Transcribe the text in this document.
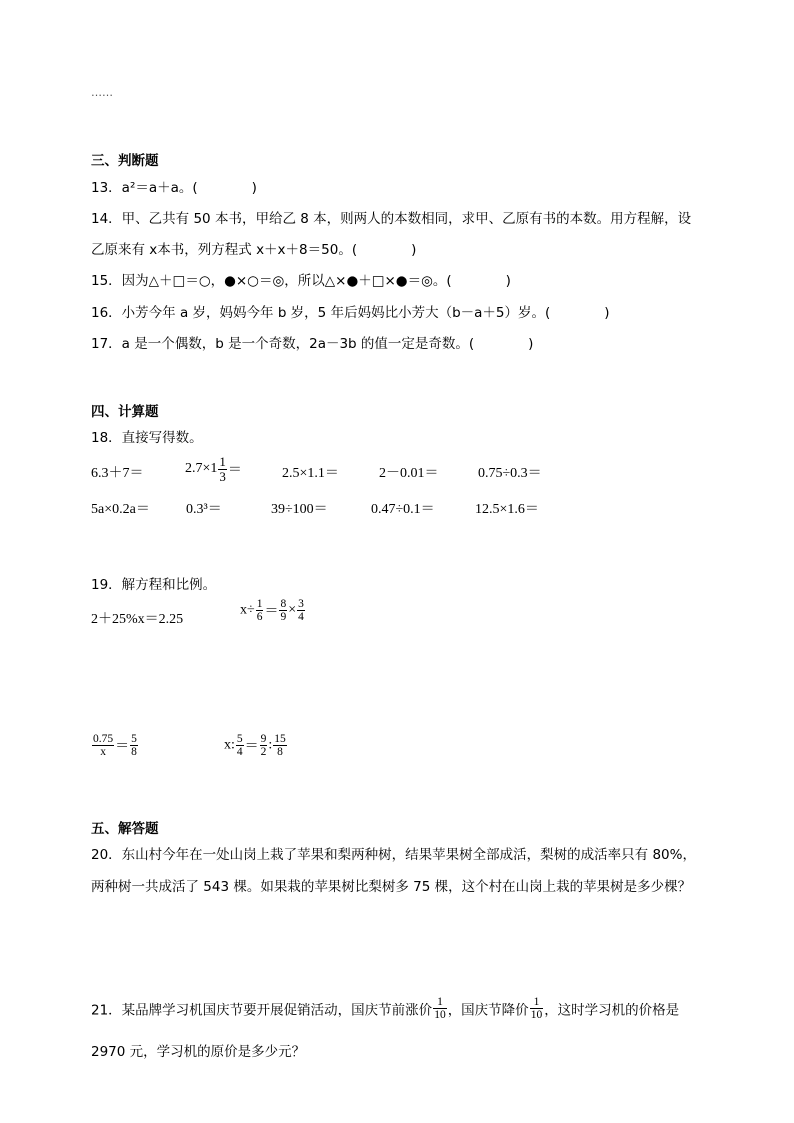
……
三、判断题
13．a²＝a＋a。(　　　　)
14．甲、乙共有 50 本书，甲给乙 8 本，则两人的本数相同，求甲、乙原有书的本数。用方程解，设
乙原来有 x本书，列方程式 x＋x＋8＝50。(　　　　)
15．因为△＋□＝○，●×○＝◎，所以△×●＋□×●＝◎。(　　　　)
16．小芳今年 a 岁，妈妈今年 b 岁，5 年后妈妈比小芳大（b－a＋5）岁。(　　　　)
17．a 是一个偶数，b 是一个奇数，2a－3b 的值一定是奇数。(　　　　)
四、计算题
18．直接写得数。
6.3＋7＝	$2.7\times 1 \frac{1}{3}$ ＝	2.5×1.1＝	2－0.01＝	0.75÷0.3＝
5a×0.2a＝	0.3³＝	39÷100＝	0.47÷0.1＝	12.5×1.6＝
19．解方程和比例。
2＋25%x＝2.25
$x\div \frac{1}{6} = \frac{8}{9} \times \frac{3}{4}$
$\frac{0.75}{x} = \frac{5}{8}$	x: $\frac{5}{4} = \frac{9}{2}$ : $\frac{15}{8}$
五、解答题
20．东山村今年在一处山岗上栽了苹果和梨两种树，结果苹果树全部成活，梨树的成活率只有 80%，
两种树一共成活了 543 棵。如果栽的苹果树比梨树多 75 棵，这个村在山岗上栽的苹果树是多少棵？
21．某品牌学习机国庆节要开展促销活动，国庆节前涨价 $\frac{1}{10}$ ，国庆节降价 $\frac{1}{10}$ ，这时学习机的价格是
2970 元，学习机的原价是多少元？
